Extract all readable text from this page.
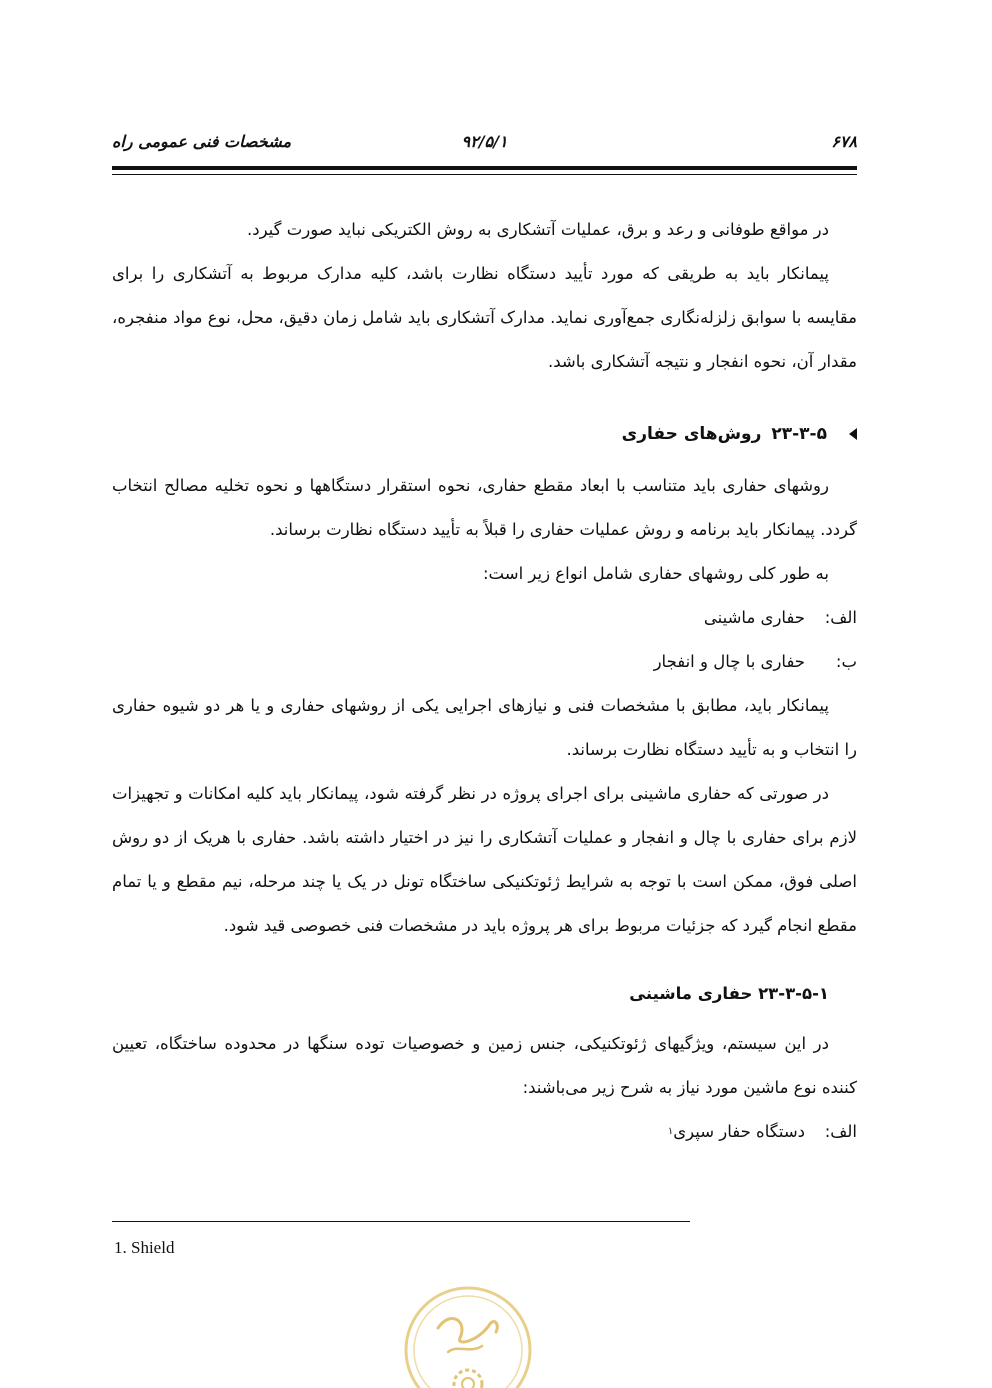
مشخصات فنی عمومی راه	۹۲/۵/۱	۶۷۸

در مواقع طوفانی و رعد و برق، عملیات آتشکاری به روش الکتریکی نباید صورت گیرد.

پیمانکار باید به طریقی که مورد تأیید دستگاه نظارت باشد، کلیه مدارک مربوط به آتشکاری را برای مقایسه با سوابق زلزله‌نگاری جمع‌آوری نماید. مدارک آتشکاری باید شامل زمان دقیق، محل، نوع مواد منفجره، مقدار آن، نحوه انفجار و نتیجه آتشکاری باشد.

۲۳-۳-۵
روش‌های حفاری

روشهای حفاری باید متناسب با ابعاد مقطع حفاری، نحوه استقرار دستگاهها و نحوه تخلیه مصالح انتخاب گردد. پیمانکار باید برنامه و روش عملیات حفاری را قبلاً به تأیید دستگاه نظارت برساند.

به طور کلی روشهای حفاری شامل انواع زیر است:

الف:
حفاری ماشینی
ب:
حفاری با چال و انفجار

پیمانکار باید، مطابق با مشخصات فنی و نیازهای اجرایی یکی از روشهای حفاری و یا هر دو شیوه حفاری را انتخاب و به تأیید دستگاه نظارت برساند.

در صورتی که حفاری ماشینی برای اجرای پروژه در نظر گرفته شود، پیمانکار باید کلیه امکانات و تجهیزات لازم برای حفاری با چال و انفجار و عملیات آتشکاری را نیز در اختیار داشته باشد. حفاری با هریک از دو روش اصلی فوق، ممکن است با توجه به شرایط ژئوتکنیکی ساختگاه تونل در یک یا چند مرحله، نیم مقطع و یا تمام مقطع انجام گیرد که جزئیات مربوط برای هر پروژه باید در مشخصات فنی خصوصی قید شود.

۲۳-۳-۵-۱ حفاری ماشینی

در این سیستم، ویژگیهای ژئوتکنیکی، جنس زمین و خصوصیات توده سنگها در محدوده ساختگاه، تعیین کننده نوع ماشین مورد نیاز به شرح زیر می‌باشند:

الف:
دستگاه حفار سپری
۱
1. Shield
